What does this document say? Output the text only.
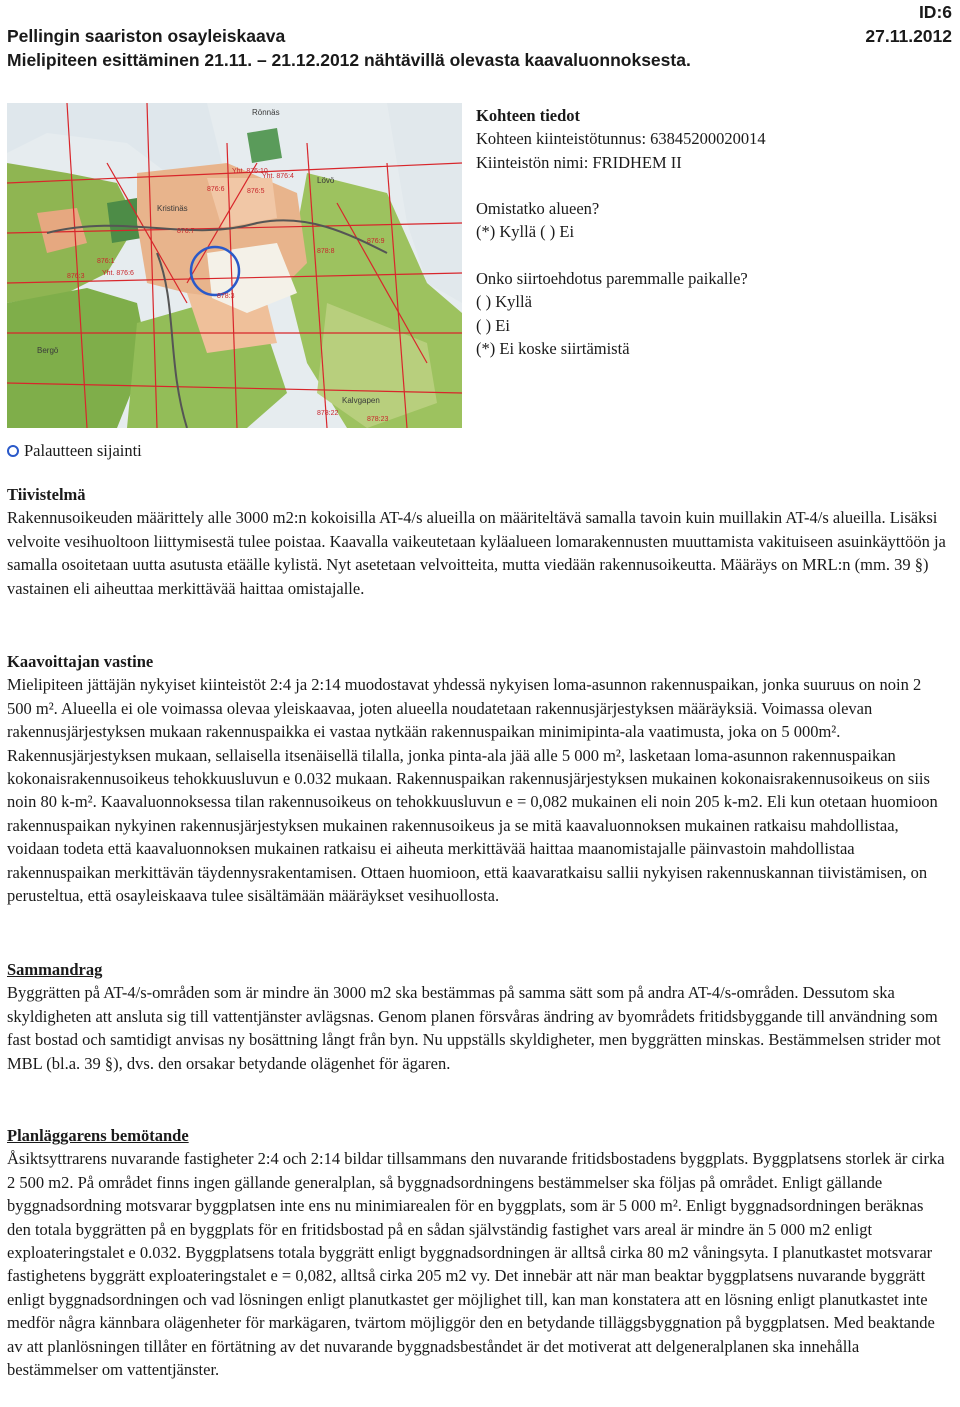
Pellingin saariston osayleiskaava
Mielipiteen esittäminen 21.11. – 21.12.2012 nähtävillä olevasta kaavaluonnoksesta.
ID:6
27.11.2012
Rönnäs
Kalvgapen
Kristinäs
Lövö
Bergö
Yht. 876:4
876:5
876:6
876:7
878:3
878:8
876:9
876:1
876:3
878:22
878:23
Yht. 876:6
Yht. 876:10
Kohteen tiedot
Kohteen kiinteistötunnus: 63845200020014
Kiinteistön nimi: FRIDHEM II
Omistatko alueen?
(*) Kyllä ( ) Ei
Onko siirtoehdotus paremmalle paikalle?
( ) Kyllä
( ) Ei
(*) Ei koske siirtämistä
Palautteen sijainti
Tiivistelmä

Rakennusoikeuden määrittely alle 3000 m2:n kokoisilla AT-4/s alueilla on määriteltävä samalla tavoin kuin muillakin AT-4/s alueilla. Lisäksi velvoite vesihuoltoon liittymisestä tulee poistaa. Kaavalla vaikeutetaan kyläalueen lomarakennusten muuttamista vakituiseen asuinkäyttöön ja samalla osoitetaan uutta asutusta etäälle kylistä. Nyt asetetaan velvoitteita, mutta viedään rakennusoikeutta. Määräys on MRL:n (mm. 39 §) vastainen eli aiheuttaa merkittävää haittaa omistajalle.

Kaavoittajan vastine

Mielipiteen jättäjän nykyiset kiinteistöt 2:4 ja 2:14 muodostavat yhdessä nykyisen loma-asunnon rakennuspaikan, jonka suuruus on noin 2 500 m². Alueella ei ole voimassa olevaa yleiskaavaa, joten alueella noudatetaan rakennusjärjestyksen määräyksiä. Voimassa olevan rakennusjärjestyksen mukaan rakennuspaikka ei vastaa nytkään rakennuspaikan minimipinta-ala vaatimusta, joka on 5 000m². Rakennusjärjestyksen mukaan, sellaisella itsenäisellä tilalla, jonka pinta-ala jää alle 5 000 m², lasketaan loma-asunnon rakennuspaikan kokonaisrakennusoikeus tehokkuusluvun e 0.032 mukaan. Rakennuspaikan rakennusjärjestyksen mukainen kokonaisrakennusoikeus on siis noin 80 k-m². Kaavaluonnoksessa tilan rakennusoikeus on tehokkuusluvun e = 0,082 mukainen eli noin 205 k-m2. Eli kun otetaan huomioon rakennuspaikan nykyinen rakennusjärjestyksen mukainen rakennusoikeus ja se mitä kaavaluonnoksen mukainen ratkaisu mahdollistaa, voidaan todeta että kaavaluonnoksen mukainen ratkaisu ei aiheuta merkittävää haittaa maanomistajalle päinvastoin mahdollistaa rakennuspaikan merkittävän täydennysrakentamisen. Ottaen huomioon, että kaavaratkaisu sallii nykyisen rakennuskannan tiivistämisen, on perusteltua, että osayleiskaava tulee sisältämään määräykset vesihuollosta.

Sammandrag

Byggrätten på AT-4/s-områden som är mindre än 3000 m2 ska bestämmas på samma sätt som på andra AT-4/s-områden. Dessutom ska skyldigheten att ansluta sig till vattentjänster avlägsnas. Genom planen försvåras ändring av byområdets fritidsbyggande till användning som fast bostad och samtidigt anvisas ny bosättning långt från byn. Nu uppställs skyldigheter, men byggrätten minskas. Bestämmelsen strider mot MBL (bl.a. 39 §), dvs. den orsakar betydande olägenhet för ägaren.

Planläggarens bemötande

Åsiktsyttrarens nuvarande fastigheter 2:4 och 2:14 bildar tillsammans den nuvarande fritidsbostadens byggplats. Byggplatsens storlek är cirka 2 500 m2. På området finns ingen gällande generalplan, så byggnadsordningens bestämmelser ska följas på området. Enligt gällande byggnadsordning motsvarar byggplatsen inte ens nu minimiarealen för en byggplats, som är 5 000 m². Enligt byggnadsordningen beräknas den totala byggrätten på en byggplats för en fritidsbostad på en sådan självständig fastighet vars areal är mindre än 5 000 m2 enligt exploateringstalet e 0.032. Byggplatsens totala byggrätt enligt byggnadsordningen är alltså cirka 80 m2 våningsyta. I planutkastet motsvarar fastighetens byggrätt exploateringstalet e = 0,082, alltså cirka 205 m2 vy. Det innebär att när man beaktar byggplatsens nuvarande byggrätt enligt byggnadsordningen och vad lösningen enligt planutkastet ger möjlighet till, kan man konstatera att en lösning enligt planutkastet inte medför några kännbara olägenheter för markägaren, tvärtom möjliggör den en betydande tilläggsbyggnation på byggplatsen. Med beaktande av att planlösningen tillåter en förtätning av det nuvarande byggnadsbeståndet är det motiverat att delgeneralplanen ska innehålla bestämmelser om vattentjänster.
